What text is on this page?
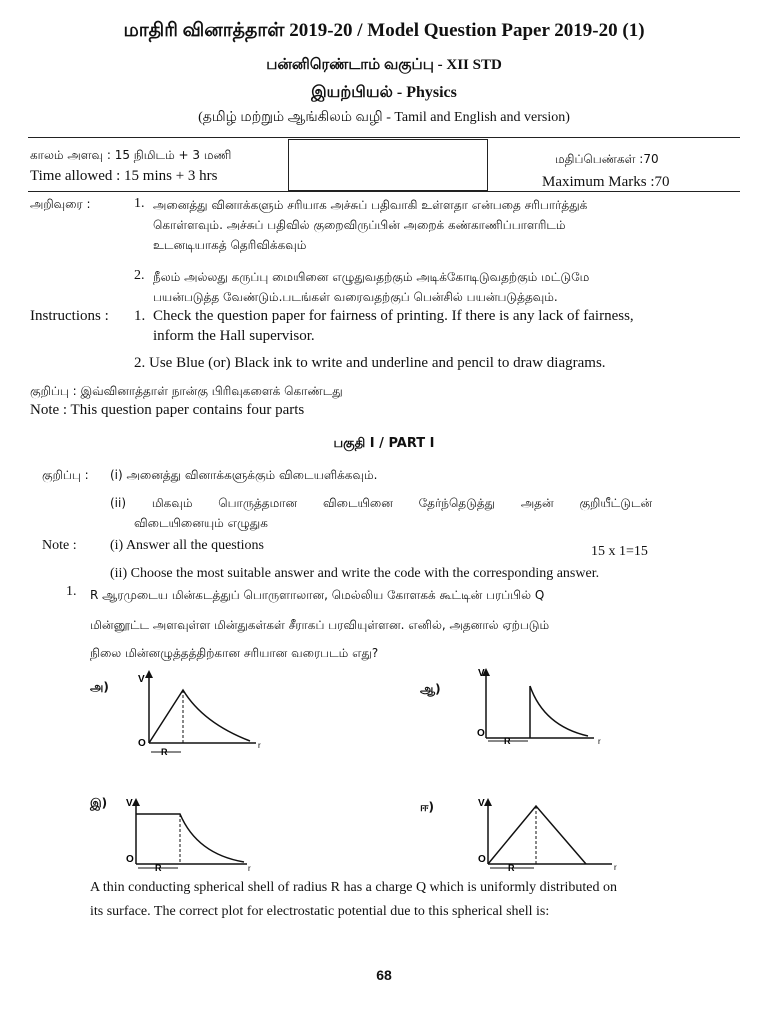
மாதிரி வினாத்தாள் 2019-20 / Model Question Paper 2019-20 (1)
பன்னிரெண்டாம் வகுப்பு - XII STD
இயற்பியல் - Physics
(தமிழ் மற்றும் ஆங்கிலம் வழி - Tamil and English and version)
காலம் அளவு : 15 நிமிடம் + 3 மணி
Time allowed : 15 mins + 3 hrs
மதிப்பெண்கள் :70
Maximum Marks :70
அறிவுரை :	1. அனைத்து வினாக்களும் சரியாக அச்சுப் பதிவாகி உள்ளதா என்பதை சரிபார்த்துக்
கொள்ளவும். அச்சுப் பதிவில் குறைவிருப்பின் அறைக் கண்காணிப்பாளரிடம்
உடனடியாகத் தெரிவிக்கவும்
2. நீலம் அல்லது கருப்பு மையினை எழுதுவதற்கும் அடிக்கோடிடுவதற்கும் மட்டுமே
பயன்படுத்த வேண்டும்.படங்கள் வரைவதற்குப் பென்சில் பயன்படுத்தவும்.
Instructions : 1. Check the question paper for fairness of printing. If there is any lack of fairness,
inform the Hall supervisor.
2. Use Blue (or) Black ink to write and underline and pencil to draw diagrams.
குறிப்பு : இவ்வினாத்தாள் நான்கு பிரிவுகளைக் கொண்டது
Note : This question paper contains four parts
பகுதி I / PART I
குறிப்பு : (i) அனைத்து வினாக்களுக்கும் விடையளிக்கவும்.
(ii) மிகவும் பொருத்தமான விடையினை தேர்ந்தெடுத்து அதன் குறியீட்டுடன்
விடையினையும் எழுதுக
Note : (i) Answer all the questions	15 x 1=15
(ii) Choose the most suitable answer and write the code with the corresponding answer.
1. R ஆரமுடைய மின்கடத்துப் பொருளாலான, மெல்லிய கோளகக் கூட்டின் பரப்பில் Q
மின்னூட்ட அளவுள்ள மின்துகள்கள் சீராகப் பரவியுள்ளன. எனில், அதனால் ஏற்படும்
நிலை மின்னழுத்தத்திற்கான சரியான வரைபடம் எது?
அ)	ஆ)
இ)	ஈ)
V
O	r
R
V
O
r
R
V
O
r
R
V
O
r
R
A thin conducting spherical shell of radius R has a charge Q which is uniformly distributed on
its surface. The correct plot for electrostatic potential due to this spherical shell is:
68
